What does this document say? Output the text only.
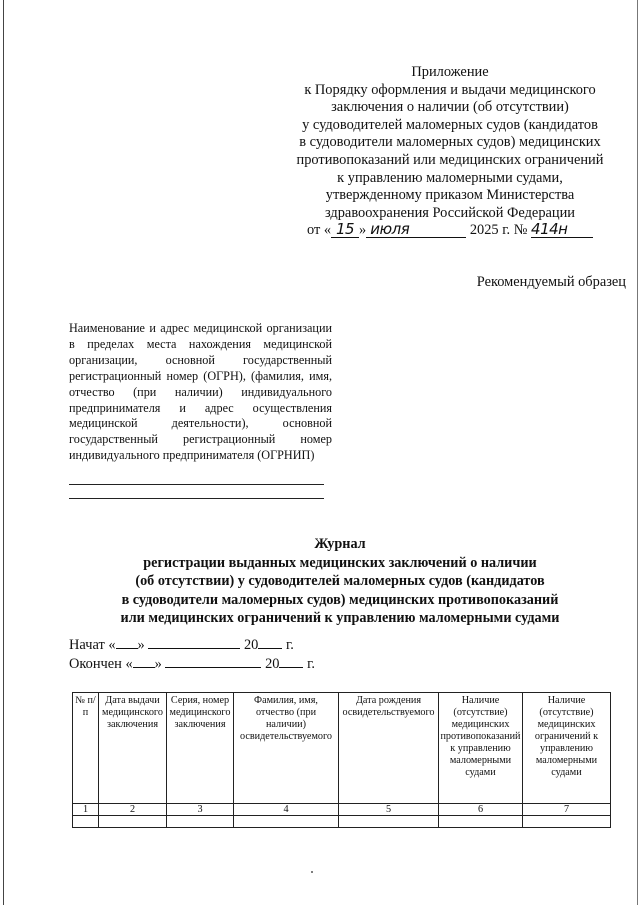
Приложение
к Порядку оформления и выдачи медицинского
заключения о наличии (об отсутствии)
у судоводителей маломерных судов (кандидатов
в судоводители маломерных судов) медицинских
противопоказаний или медицинских ограничений
к управлению маломерными судами,
утвержденному приказом Министерства
здравоохранения Российской Федерации
от « 15 » июля	2025 г. № 414н
Рекомендуемый образец
Наименование и адрес медицинской организации в пределах места нахождения медицинской организации, основной государственный регистрационный номер (ОГРН), (фамилия, имя, отчество (при наличии) индивидуального предпринимателя и адрес осуществления медицинской деятельности), основной государственный регистрационный номер индивидуального предпринимателя (ОГРНИП)
Журнал
регистрации выданных медицинских заключений о наличии
(об отсутствии) у судоводителей маломерных судов (кандидатов
в судоводители маломерных судов) медицинских противопоказаний
или медицинских ограничений к управлению маломерными судами
Начат « »	20 г.
Окончен « »	20 г.
№ п/п	Дата выдачи медицинского заключения	Серия, номер медицинского заключения	Фамилия, имя, отчество (при наличии) освидетельствуемого	Дата рождения освидетельствуемого	Наличие (отсутствие) медицинских противопоказаний к управлению маломерными судами	Наличие (отсутствие) медицинских ограничений к управлению маломерными судами
1	2	3	4	5	6	7
